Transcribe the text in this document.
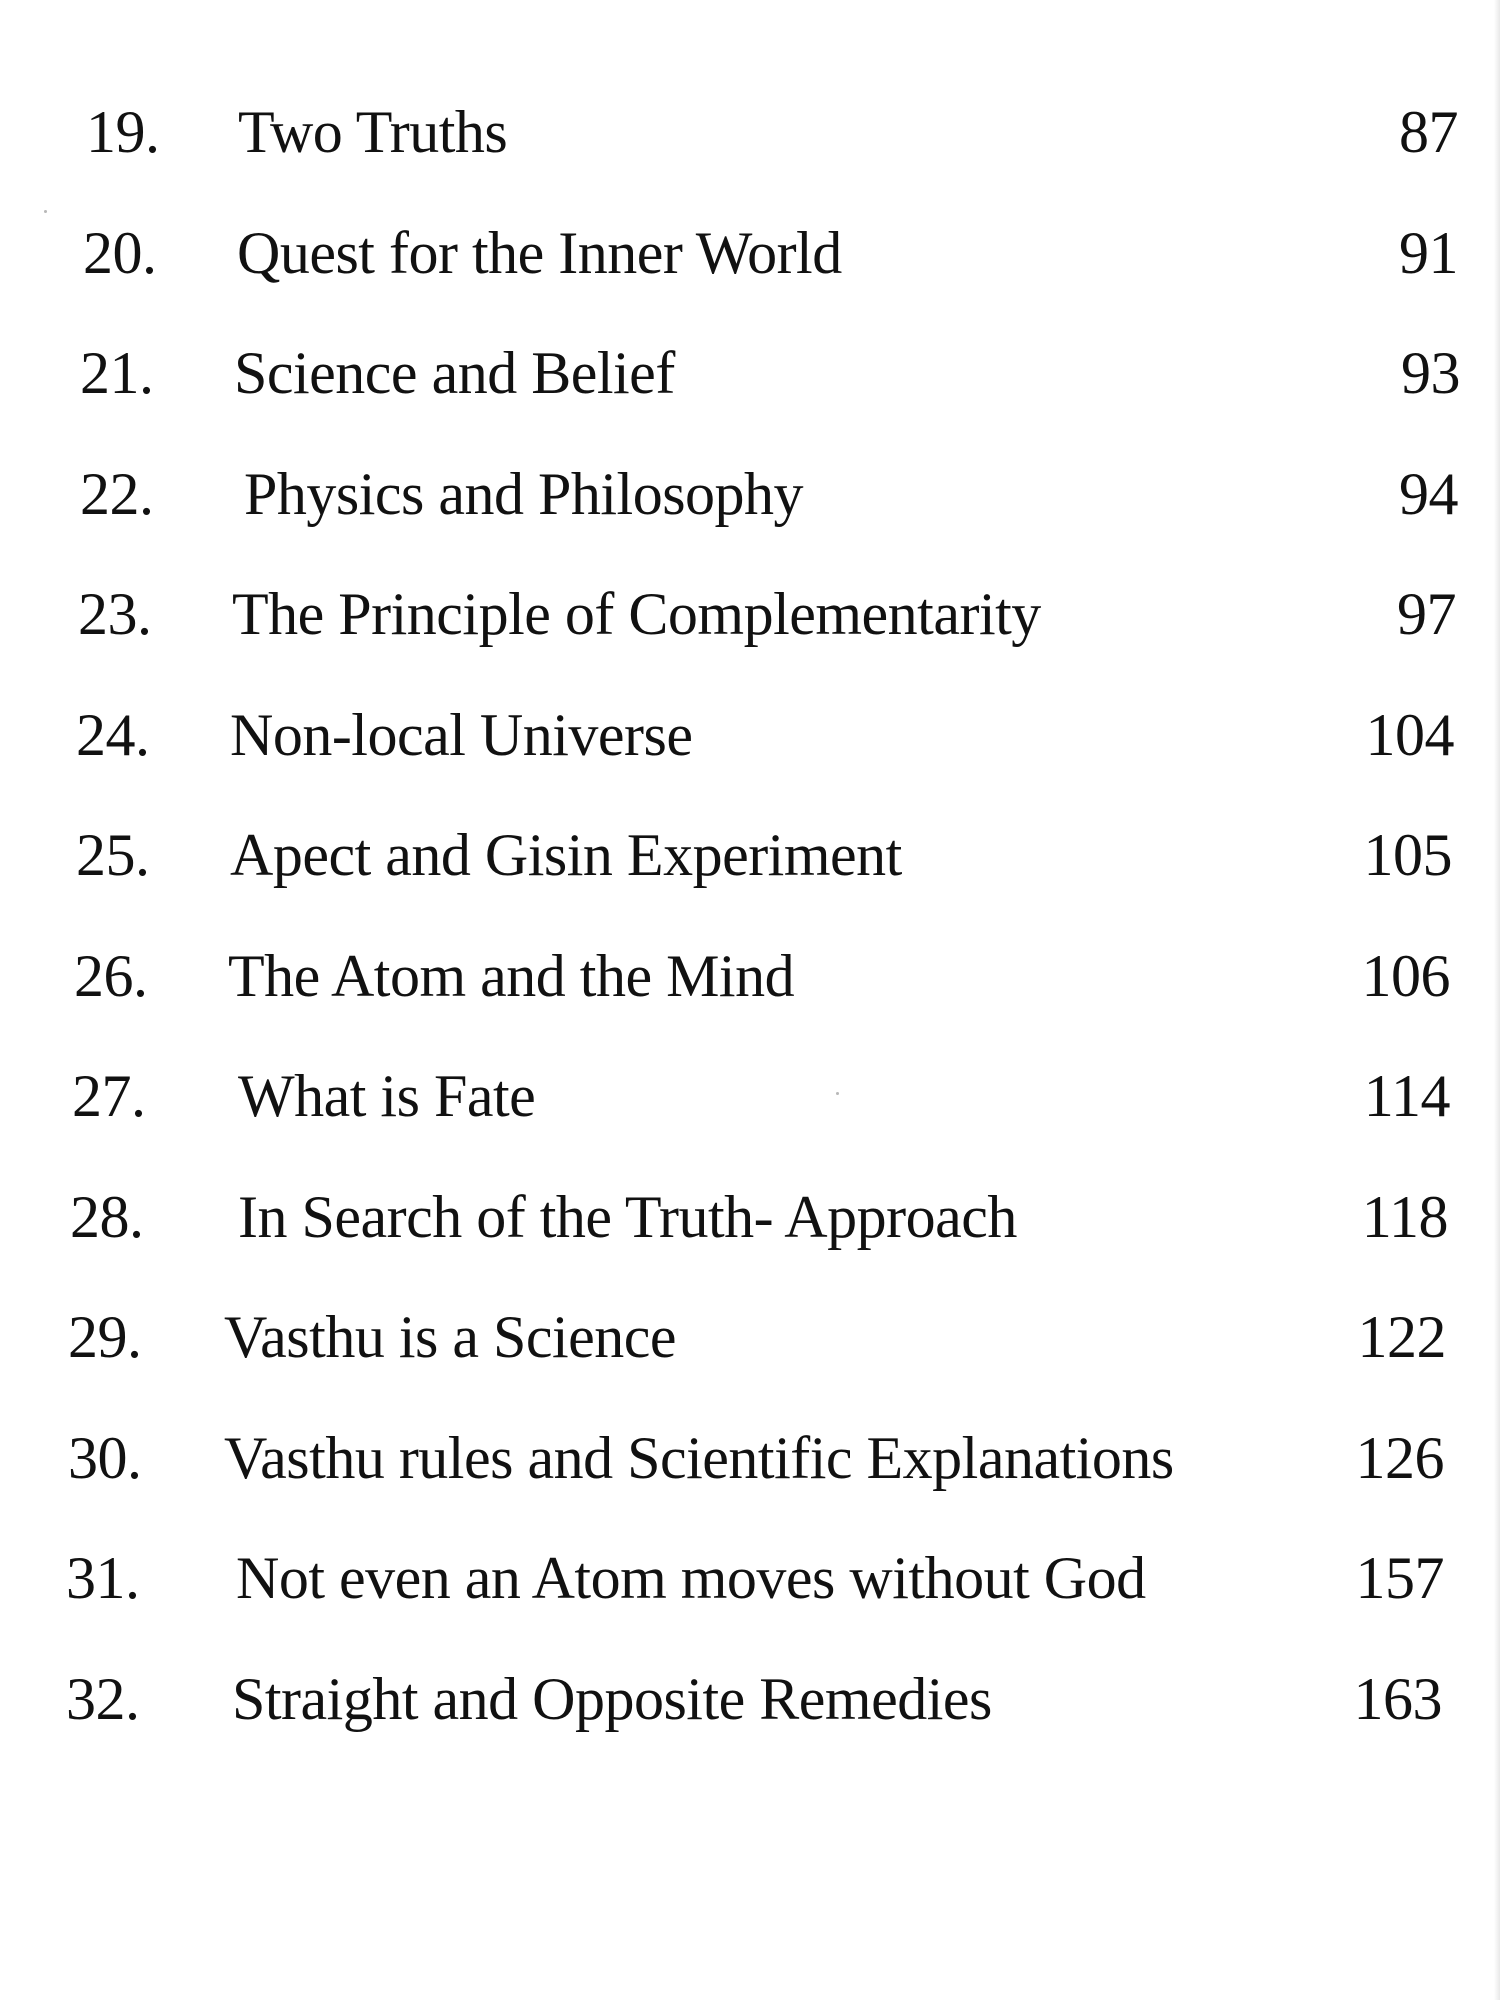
19. Two Truths	87
20. Quest for the Inner World	91
21. Science and Belief	93
22. Physics and Philosophy	94
23. The Principle of Complementarity	97
24. Non-local Universe	104
25. Apect and Gisin Experiment	105
26. The Atom and the Mind	106
27. What is Fate	114
28. In Search of the Truth- Approach	118
29. Vasthu is a Science	122
30. Vasthu rules and Scientific Explanations	126
31. Not even an Atom moves without God	157
32. Straight and Opposite Remedies	163
